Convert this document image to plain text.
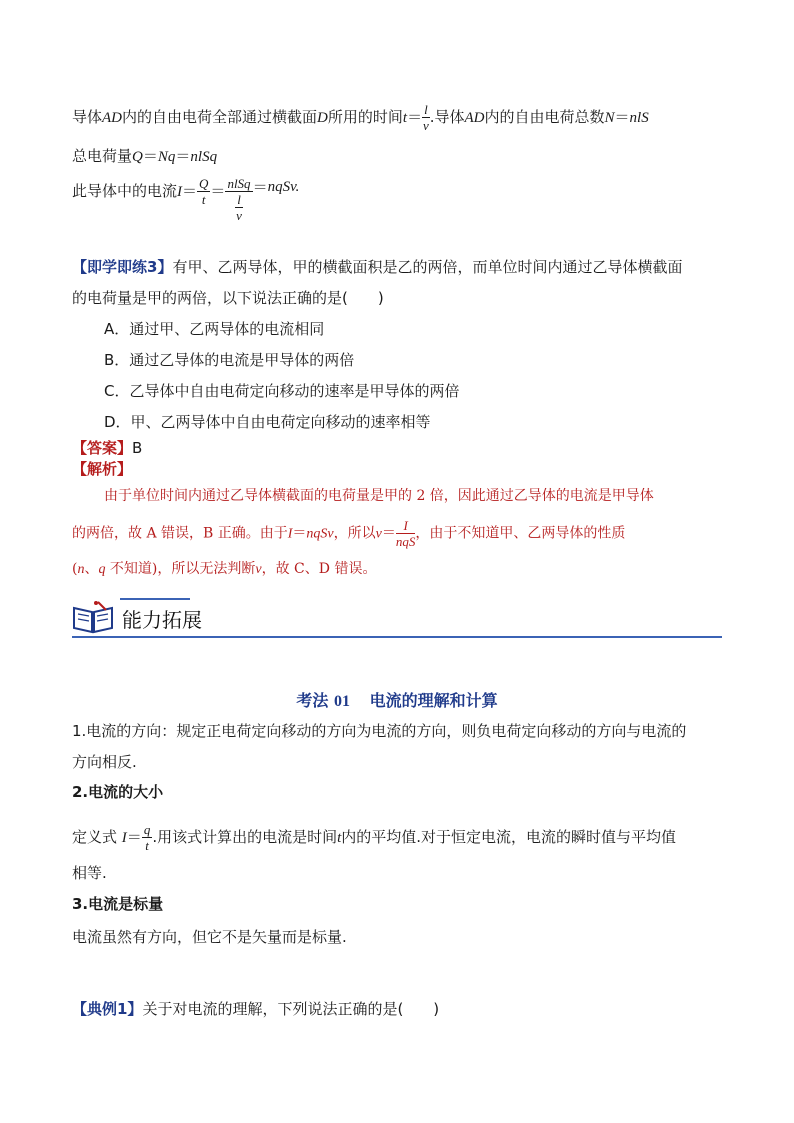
导体AD内的自由电荷全部通过横截面D所用的时间$t= \frac{l}{v}$ .导体AD内的自由电荷总数N＝nlS
总电荷量Q＝Nq＝nlSq
此导体中的电流$I= \frac{Q}{t} = \frac{\text{nlSq}}{\frac{l}{v}}$ ＝nqSv.
【即学即练3】有甲、乙两导体，甲的横截面积是乙的两倍，而单位时间内通过乙导体横截面
的电荷量是甲的两倍，以下说法正确的是(　　)
A．通过甲、乙两导体的电流相同
B．通过乙导体的电流是甲导体的两倍
C．乙导体中自由电荷定向移动的速率是甲导体的两倍
D．甲、乙两导体中自由电荷定向移动的速率相等
【答案】B
【解析】
由于单位时间内通过乙导体横截面的电荷量是甲的 2 倍，因此通过乙导体的电流是甲导体
的两倍，故 A 错误，B 正确。由于I＝nqSv，所以$v= \frac{I}{\text{nqS}}$ ，由于不知道甲、乙两导体的性质
(n、q 不知道)，所以无法判断v，故 C、D 错误。
能力拓展
考法 01 电流的理解和计算
1.电流的方向：规定正电荷定向移动的方向为电流的方向，则负电荷定向移动的方向与电流的
方向相反.
2.电流的大小
定义式 $I= \frac{q}{t}$ .用该式计算出的电流是时间t内的平均值.对于恒定电流，电流的瞬时值与平均值
相等.
3.电流是标量
电流虽然有方向，但它不是矢量而是标量.
【典例1】关于对电流的理解，下列说法正确的是(　　)
